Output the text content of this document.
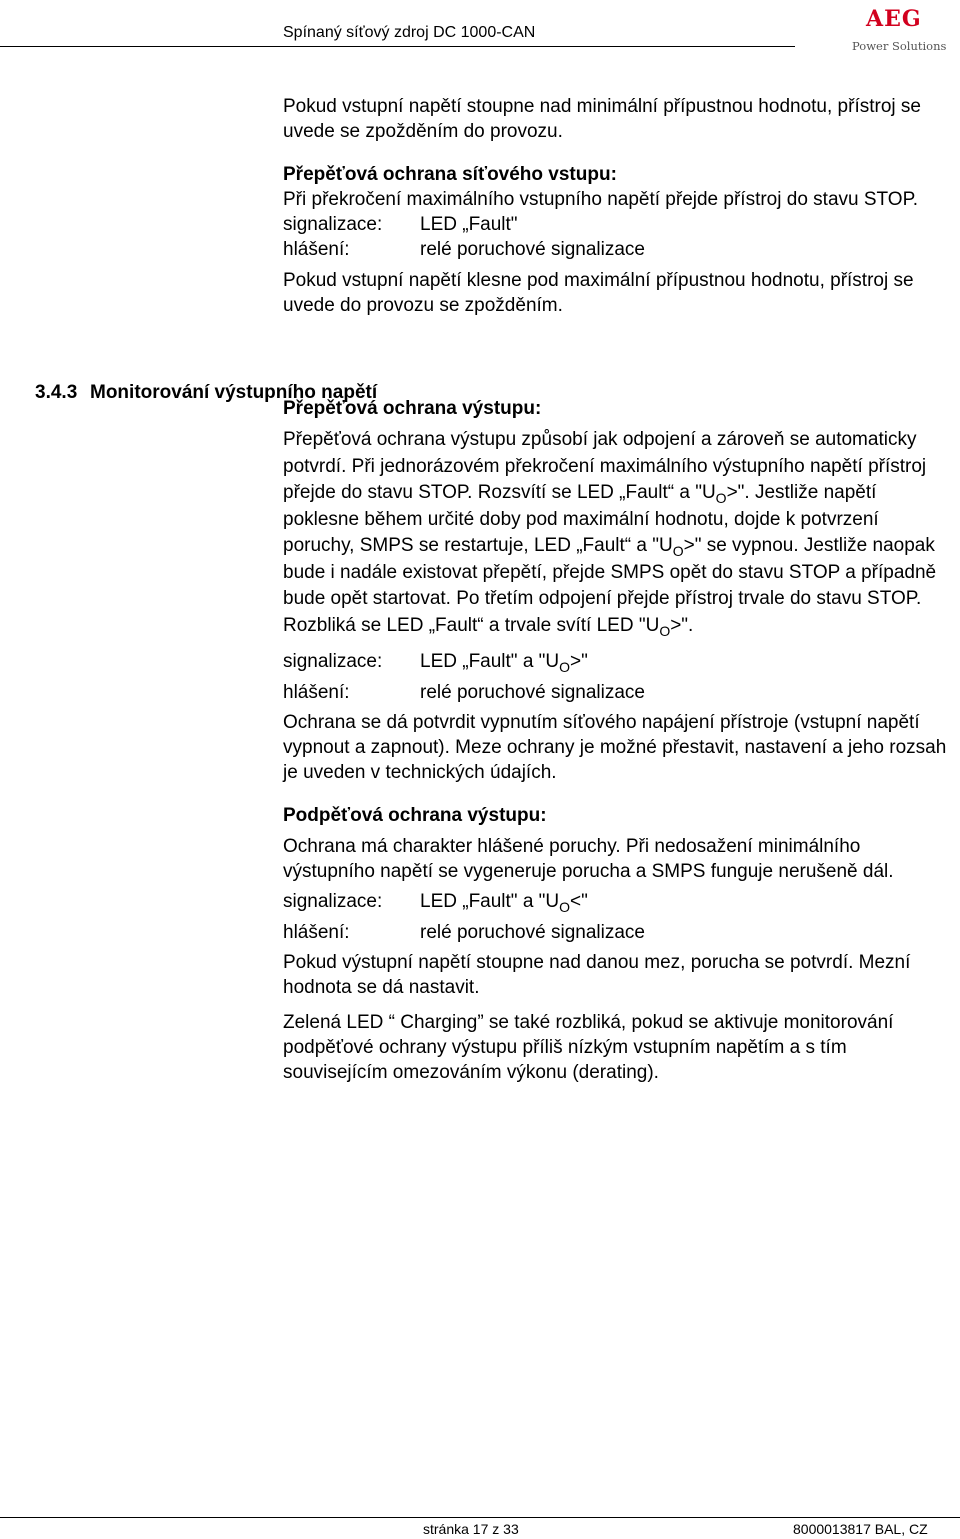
Spínaný síťový zdroj DC 1000-CAN
AEG
Power Solutions
3.4.3 Monitorování výstupního napětí

Pokud vstupní napětí stoupne nad minimální přípustnou hodnotu, přístroj se uvede se zpožděním do provozu.

Přepěťová ochrana síťového vstupu:

Při překročení maximálního vstupního napětí přejde přístroj do stavu STOP.

signalizace:	LED „Fault"
hlášení:	relé poruchové signalizace

Pokud vstupní napětí klesne pod maximální přípustnou hodnotu, přístroj se uvede do provozu se zpožděním.

Přepěťová ochrana výstupu:

Přepěťová ochrana výstupu způsobí jak odpojení a zároveň se automaticky potvrdí. Při jednorázovém překročení maximálního výstupního napětí přístroj přejde do stavu STOP. Rozsvítí se LED „Fault“ a "$U_O>$". Jestliže napětí poklesne během určité doby pod maximální hodnotu, dojde k potvrzení poruchy, SMPS se restartuje, LED „Fault“ a "$U_O>$" se vypnou. Jestliže naopak bude i nadále existovat přepětí, přejde SMPS opět do stavu STOP a případně bude opět startovat. Po třetím odpojení přejde přístroj trvale do stavu STOP. Rozbliká se LED „Fault“ a trvale svítí LED "$U_O>$".

signalizace:	LED „Fault" a "$U_O>$"
hlášení:	relé poruchové signalizace

Ochrana se dá potvrdit vypnutím síťového napájení přístroje (vstupní napětí vypnout a zapnout). Meze ochrany je možné přestavit, nastavení a jeho rozsah je uveden v technických údajích.

Podpěťová ochrana výstupu:

Ochrana má charakter hlášené poruchy. Při nedosažení minimálního výstupního napětí se vygeneruje porucha a SMPS funguje nerušeně dál.

signalizace:	LED „Fault" a "$U_O<$"
hlášení:	relé poruchové signalizace

Pokud výstupní napětí stoupne nad danou mez, porucha se potvrdí. Mezní hodnota se dá nastavit.

Zelená LED “ Charging” se také rozbliká, pokud se aktivuje monitorování podpěťové ochrany výstupu příliš nízkým vstupním napětím a s tím souvisejícím omezováním výkonu (derating).

stránka 17 z 33	8000013817 BAL, CZ
